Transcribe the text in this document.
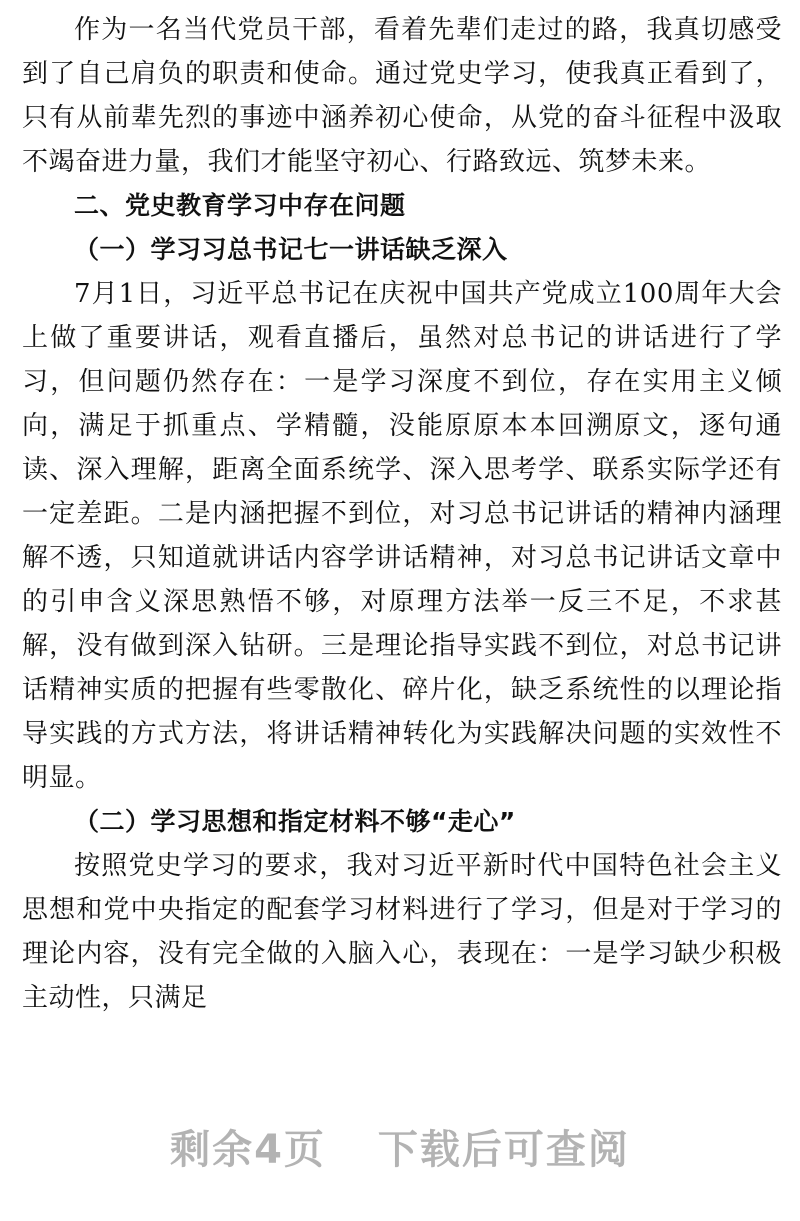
作为一名当代党员干部，看着先辈们走过的路，我真切感受到了自己肩负的职责和使命。通过党史学习，使我真正看到了，只有从前辈先烈的事迹中涵养初心使命，从党的奋斗征程中汲取不竭奋进力量，我们才能坚守初心、行路致远、筑梦未来。

二、党史教育学习中存在问题

（一）学习习总书记七一讲话缺乏深入

7月1日，习近平总书记在庆祝中国共产党成立100周年大会上做了重要讲话，观看直播后，虽然对总书记的讲话进行了学习，但问题仍然存在：一是学习深度不到位，存在实用主义倾向，满足于抓重点、学精髓，没能原原本本回溯原文，逐句通读、深入理解，距离全面系统学、深入思考学、联系实际学还有一定差距。二是内涵把握不到位，对习总书记讲话的精神内涵理解不透，只知道就讲话内容学讲话精神，对习总书记讲话文章中的引申含义深思熟悟不够，对原理方法举一反三不足，不求甚解，没有做到深入钻研。三是理论指导实践不到位，对总书记讲话精神实质的把握有些零散化、碎片化，缺乏系统性的以理论指导实践的方式方法，将讲话精神转化为实践解决问题的实效性不明显。

（二）学习思想和指定材料不够“走心”

按照党史学习的要求，我对习近平新时代中国特色社会主义思想和党中央指定的配套学习材料进行了学习，但是对于学习的理论内容，没有完全做的入脑入心，表现在：一是学习缺少积极主动性，只满足

剩余4页 下载后可查阅
